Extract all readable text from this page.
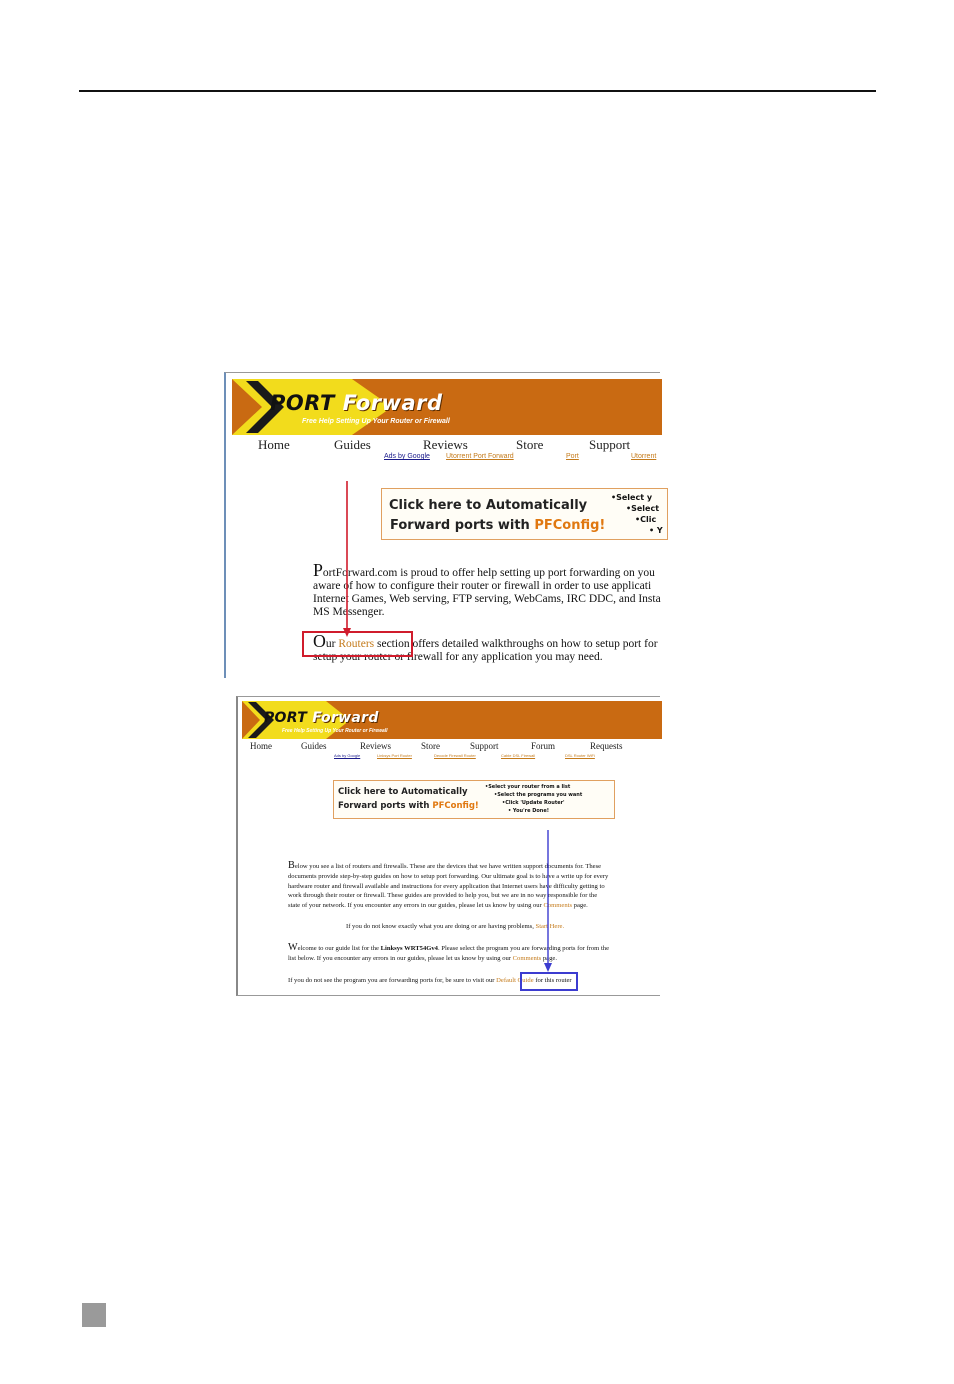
PORT Forward
Free Help Setting Up Your Router or Firewall
Home	Guides	Reviews	Store	Support
Ads by Google Utorrent Port Forward	Port	Utorrent
Click here to Automatically
Forward ports with PFConfig!
•Select y
•Select
•Clic
• Y
PortForward.com is proud to offer help setting up port forwarding on you
aware of how to configure their router or firewall in order to use applicati
Internet Games, Web serving, FTP serving, WebCams, IRC DDC, and Insta
MS Messenger.
Our Routers section offers detailed walkthroughs on how to setup port for
setup your router or firewall for any application you may need.
PORT Forward
Free Help Setting Up Your Router or Firewall
Home	Guides	Reviews	Store	Support	Forum	Requests
Ads by Google	Linksys Port Router	Decode Firewall Router	Cable DSL Firewall	DSL Router WiFi
Click here to Automatically
Forward ports with PFConfig!
•Select your router from a list
•Select the programs you want
•Click 'Update Router'
• You're Done!
Below you see a list of routers and firewalls. These are the devices that we have written support documents for. These
documents provide step-by-step guides on how to setup port forwarding. Our ultimate goal is to have a write up for every
hardware router and firewall available and instructions for every application that Internet users have difficulty getting to
work through their router or firewall. These guides are provided to help you, but we are in no way responsible for the
state of your network. If you encounter any errors in our guides, please let us know by using our Comments page.
If you do not know exactly what you are doing or are having problems, Start Here.
Welcome to our guide list for the Linksys WRT54Gv4. Please select the program you are forwarding ports for from the
list below. If you encounter any errors in our guides, please let us know by using our Comments page.
If you do not see the program you are forwarding ports for, be sure to visit our Default Guide for this router
